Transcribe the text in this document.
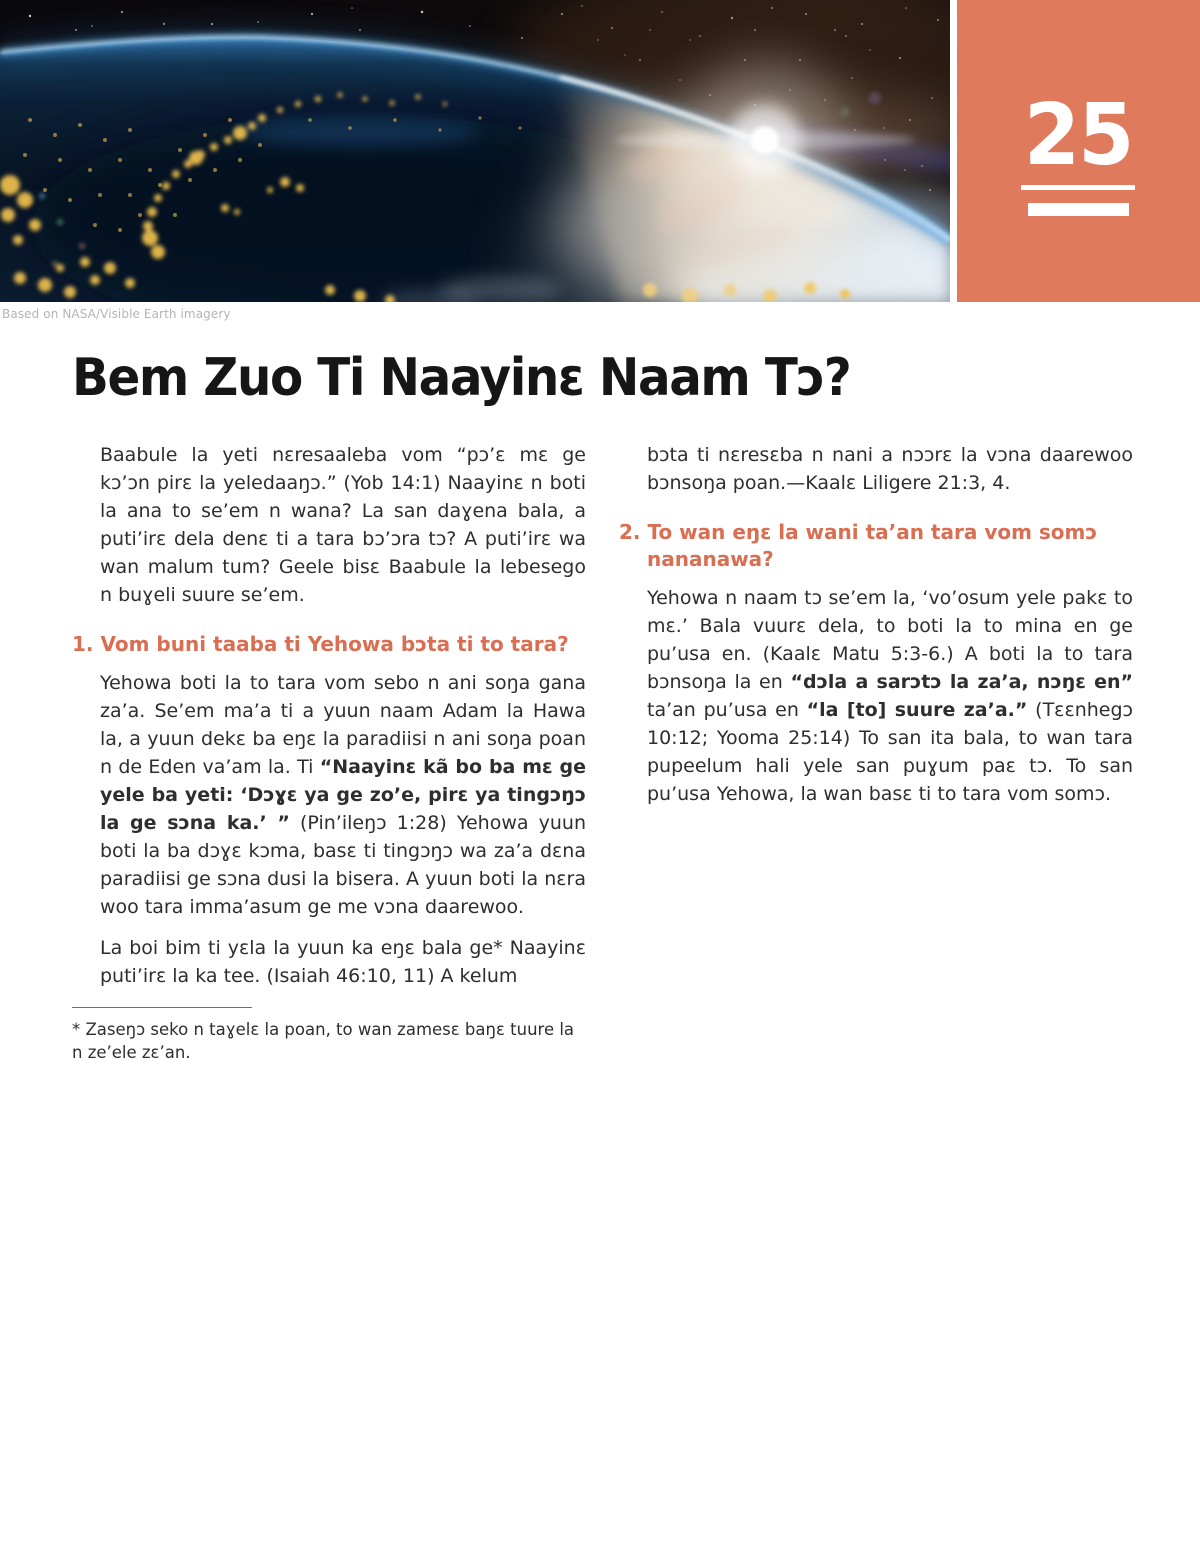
25
Based on NASA/Visible Earth imagery
Bem Zuo Ti Naayinɛ Naam Tɔ?
Baabule la yeti nɛresaaleba vom “pɔ’ɛ mɛ ge kɔ’ɔn pirɛ la yeledaaŋɔ.” (Yob 14:1) Naayinɛ n boti la ana to se’em n wana? La san daɣena bala, a puti’irɛ dela denɛ ti a tara bɔ’ɔra tɔ? A puti’irɛ wa wan malum tum? Geele bisɛ Baabule la lebesego n buɣeli suure se’em.
1. Vom buni taaba ti Yehowa bɔta ti to tara?
Yehowa boti la to tara vom sebo n ani soŋa gana za’a. Se’em ma’a ti a yuun naam Adam la Hawa la, a yuun dekɛ ba eŋɛ la paradiisi n ani soŋa poan n de Eden va’am la. Ti “Naayinɛ kã bo ba mɛ ge yele ba yeti: ‘Dɔɣɛ ya ge zo’e, pirɛ ya tingɔŋɔ la ge sɔna ka.’ ” (Pin’ileŋɔ 1:28) Yehowa yuun boti la ba dɔɣɛ kɔma, basɛ ti tingɔŋɔ wa za’a dɛna paradiisi ge sɔna dusi la bisera. A yuun boti la nɛra woo tara imma’asum ge me vɔna daarewoo.
La boi bim ti yɛla la yuun ka eŋɛ bala ge* Naayinɛ puti’irɛ la ka tee. (Isaiah 46:10, 11) A kelum
* Zaseŋɔ seko n taɣelɛ la poan, to wan zamesɛ baŋɛ tuure la n ze’ele zɛ’an.
bɔta ti nɛresɛba n nani a nɔɔrɛ la vɔna daarewoo bɔnsoŋa poan.—Kaalɛ Liligere 21:3, 4.
2. To wan eŋɛ la wani ta’an tara vom somɔ nananawa?
Yehowa n naam tɔ se’em la, ‘vo’osum yele pakɛ to mɛ.’ Bala vuurɛ dela, to boti la to mina en ge pu’usa en. (Kaalɛ Matu 5:3-6.) A boti la to tara bɔnsoŋa la en “dɔla a sarɔtɔ la za’a, nɔŋɛ en” ta’an pu’usa en “la [to] suure za’a.” (Tɛɛnhegɔ 10:12; Yooma 25:14) To san ita bala, to wan tara pupeelum hali yele san puɣum paɛ tɔ. To san pu’usa Yehowa, la wan basɛ ti to tara vom somɔ.
